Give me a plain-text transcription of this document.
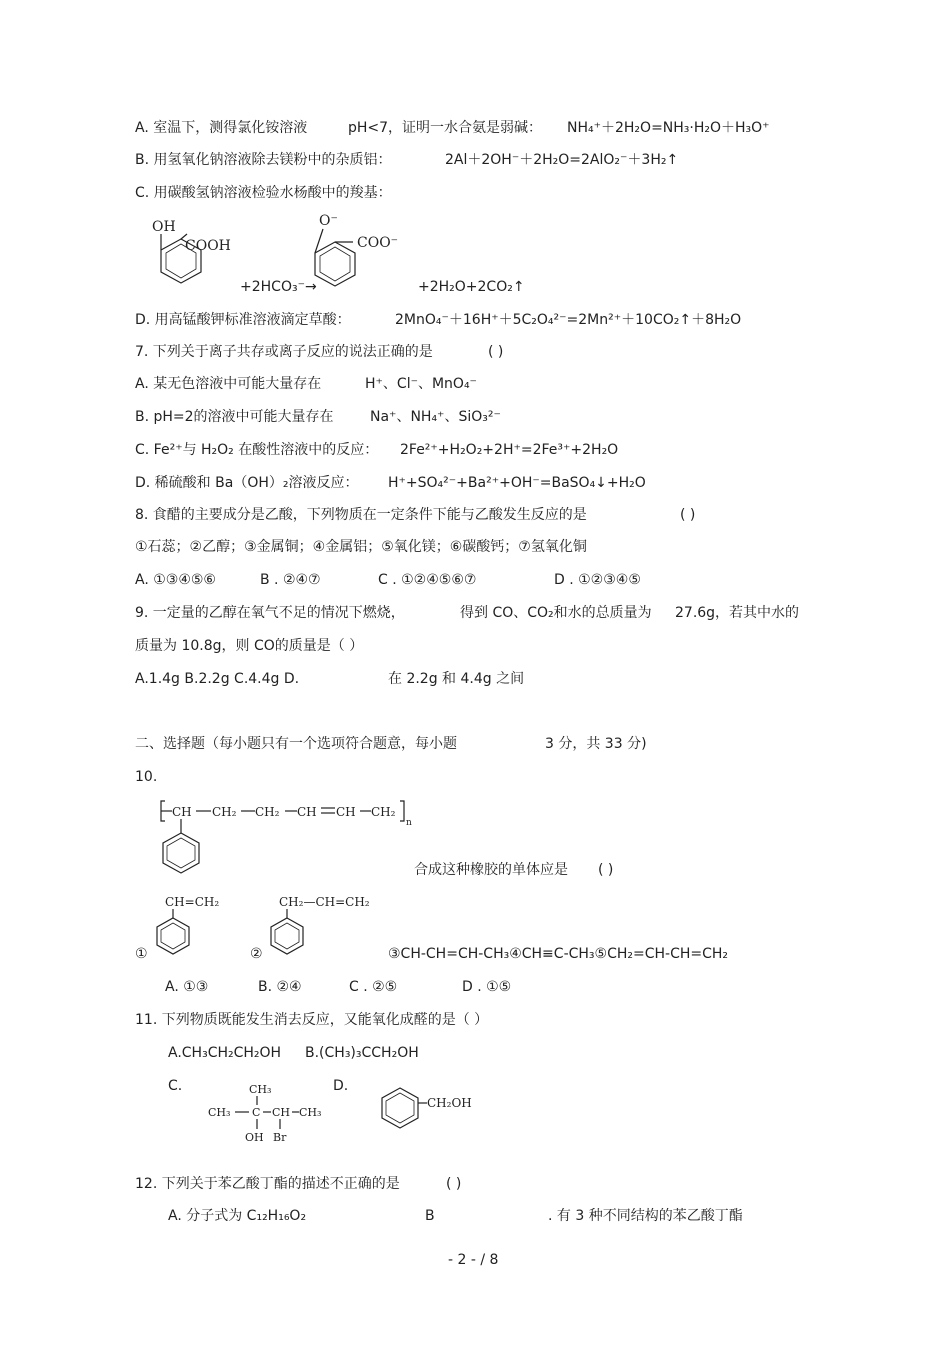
A. 室温下，测得氯化铵溶液	pH<7，证明一水合氨是弱碱： NH₄⁺＋2H₂O=NH₃·H₂O＋H₃O⁺
B. 用氢氧化钠溶液除去镁粉中的杂质铝：	2Al＋2OH⁻＋2H₂O=2AlO₂⁻＋3H₂↑
C. 用碳酸氢钠溶液检验水杨酸中的羧基：
OH
COOH
+2HCO₃⁻→
O⁻
COO⁻
+2H₂O+2CO₂↑
D. 用高锰酸钾标准溶液滴定草酸：	2MnO₄⁻＋16H⁺＋5C₂O₄²⁻=2Mn²⁺＋10CO₂↑＋8H₂O
7. 下列关于离子共存或离子反应的说法正确的是	( )
A. 某无色溶液中可能大量存在	H⁺、Cl⁻、MnO₄⁻
B. pH=2的溶液中可能大量存在	Na⁺、NH₄⁺、SiO₃²⁻
C. Fe²⁺与 H₂O₂ 在酸性溶液中的反应： 2Fe²⁺+H₂O₂+2H⁺=2Fe³⁺+2H₂O
D. 稀硫酸和 Ba（OH）₂溶液反应： H⁺+SO₄²⁻+Ba²⁺+OH⁻=BaSO₄↓+H₂O
8. 食醋的主要成分是乙酸，下列物质在一定条件下能与乙酸发生反应的是	( )
①石蕊；②乙醇；③金属铜；④金属铝；⑤氧化镁；⑥碳酸钙；⑦氢氧化铜
A. ①③④⑤⑥	B . ②④⑦	C . ①②④⑤⑥⑦	D . ①②③④⑤
9. 一定量的乙醇在氧气不足的情况下燃烧，	得到 CO、CO₂和水的总质量为 27.6g，若其中水的
质量为 10.8g，则 CO的质量是（ ）
A.1.4g B.2.2g C.4.4g D.	在 2.2g 和 4.4g 之间
二、选择题（每小题只有一个选项符合题意，每小题	3 分，共 33 分)
10.
CH CH₂ CH₂ CH CH CH₂
n
合成这种橡胶的单体应是 ( )
CH=CH₂	CH₂—CH=CH₂
①	②	③CH-CH=CH-CH₃④CH≡C-CH₃⑤CH₂=CH-CH=CH₂
A. ①③	B. ②④	C . ②⑤	D . ①⑤
11. 下列物质既能发生消去反应，又能氧化成醛的是（ ）
A.CH₃CH₂CH₂OH B.(CH₃)₃CCH₂OH
C.	CH₃
CH₃ C CH CH₃
OH Br
D.
CH₂OH
12. 下列关于苯乙酸丁酯的描述不正确的是	( )
A. 分子式为 C₁₂H₁₆O₂	B	. 有 3 种不同结构的苯乙酸丁酯
- 2 - / 8
